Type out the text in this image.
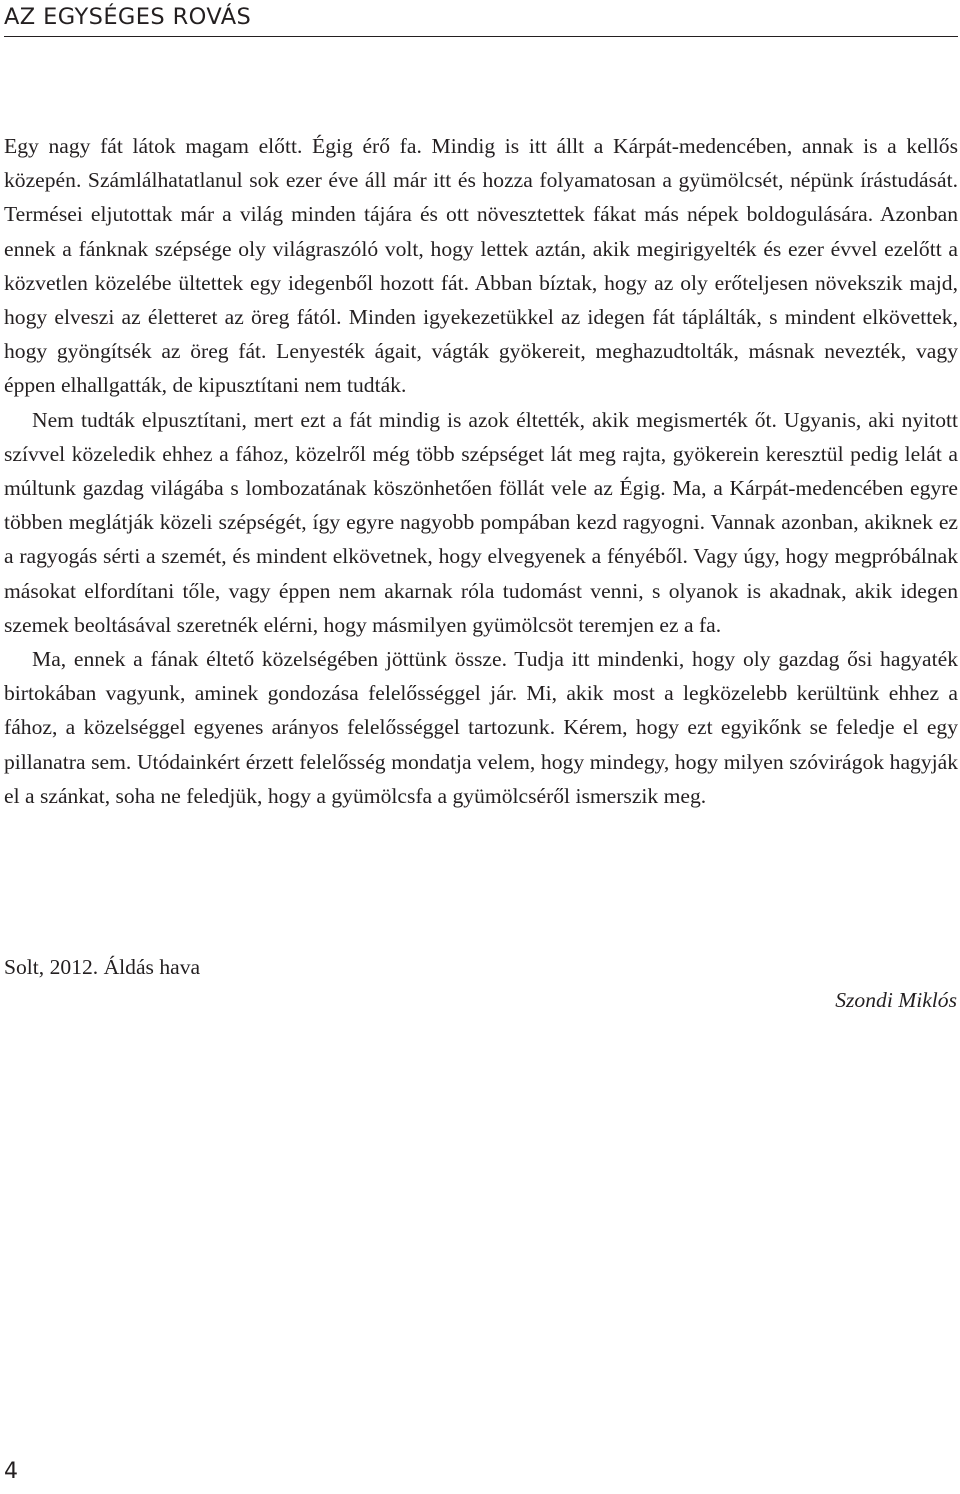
AZ EGYSÉGES ROVÁS

Egy nagy fát látok magam előtt. Égig érő fa. Mindig is itt állt a Kárpát-medencében, annak is a kellős közepén. Számlálhatatlanul sok ezer éve áll már itt és hozza folyamatosan a gyümölcsét, népünk írástudását. Termései eljutottak már a világ minden tájára és ott növesztettek fákat más népek boldogulására. Azonban ennek a fánknak szépsége oly világraszóló volt, hogy lettek aztán, akik megirigyelték és ezer évvel ezelőtt a közvetlen közelébe ültettek egy idegenből hozott fát. Abban bíztak, hogy az oly erőteljesen növekszik majd, hogy elveszi az életteret az öreg fától. Minden igyekezetükkel az idegen fát táplálták, s mindent elkövettek, hogy gyöngítsék az öreg fát. Lenyesték ágait, vágták gyökereit, meghazudtolták, másnak nevezték, vagy éppen elhallgatták, de kipusztítani nem tudták.

Nem tudták elpusztítani, mert ezt a fát mindig is azok éltették, akik megismerték őt. Ugyanis, aki nyitott szívvel közeledik ehhez a fához, közelről még több szépséget lát meg rajta, gyökerein keresztül pedig lelát a múltunk gazdag világába s lombozatának köszönhetően föllát vele az Égig. Ma, a Kárpát-medencében egyre többen meglátják közeli szépségét, így egyre nagyobb pompában kezd ragyogni. Vannak azonban, akiknek ez a ragyogás sérti a szemét, és mindent elkövetnek, hogy elvegyenek a fényéből. Vagy úgy, hogy megpróbálnak másokat elfordítani tőle, vagy éppen nem akarnak róla tudomást venni, s olyanok is akadnak, akik idegen szemek beoltásával szeretnék elérni, hogy másmilyen gyümölcsöt teremjen ez a fa.

Ma, ennek a fának éltető közelségében jöttünk össze. Tudja itt mindenki, hogy oly gazdag ősi hagyaték birtokában vagyunk, aminek gondozása felelősséggel jár. Mi, akik most a legközelebb kerültünk ehhez a fához, a közelséggel egyenes arányos felelősséggel tartozunk. Kérem, hogy ezt egyikőnk se feledje el egy pillanatra sem. Utódainkért érzett felelősség mondatja velem, hogy mindegy, hogy milyen szóvirágok hagyják el a szánkat, soha ne feledjük, hogy a gyümölcsfa a gyümölcséről ismerszik meg.

Solt, 2012. Áldás hava
Szondi Miklós
4
